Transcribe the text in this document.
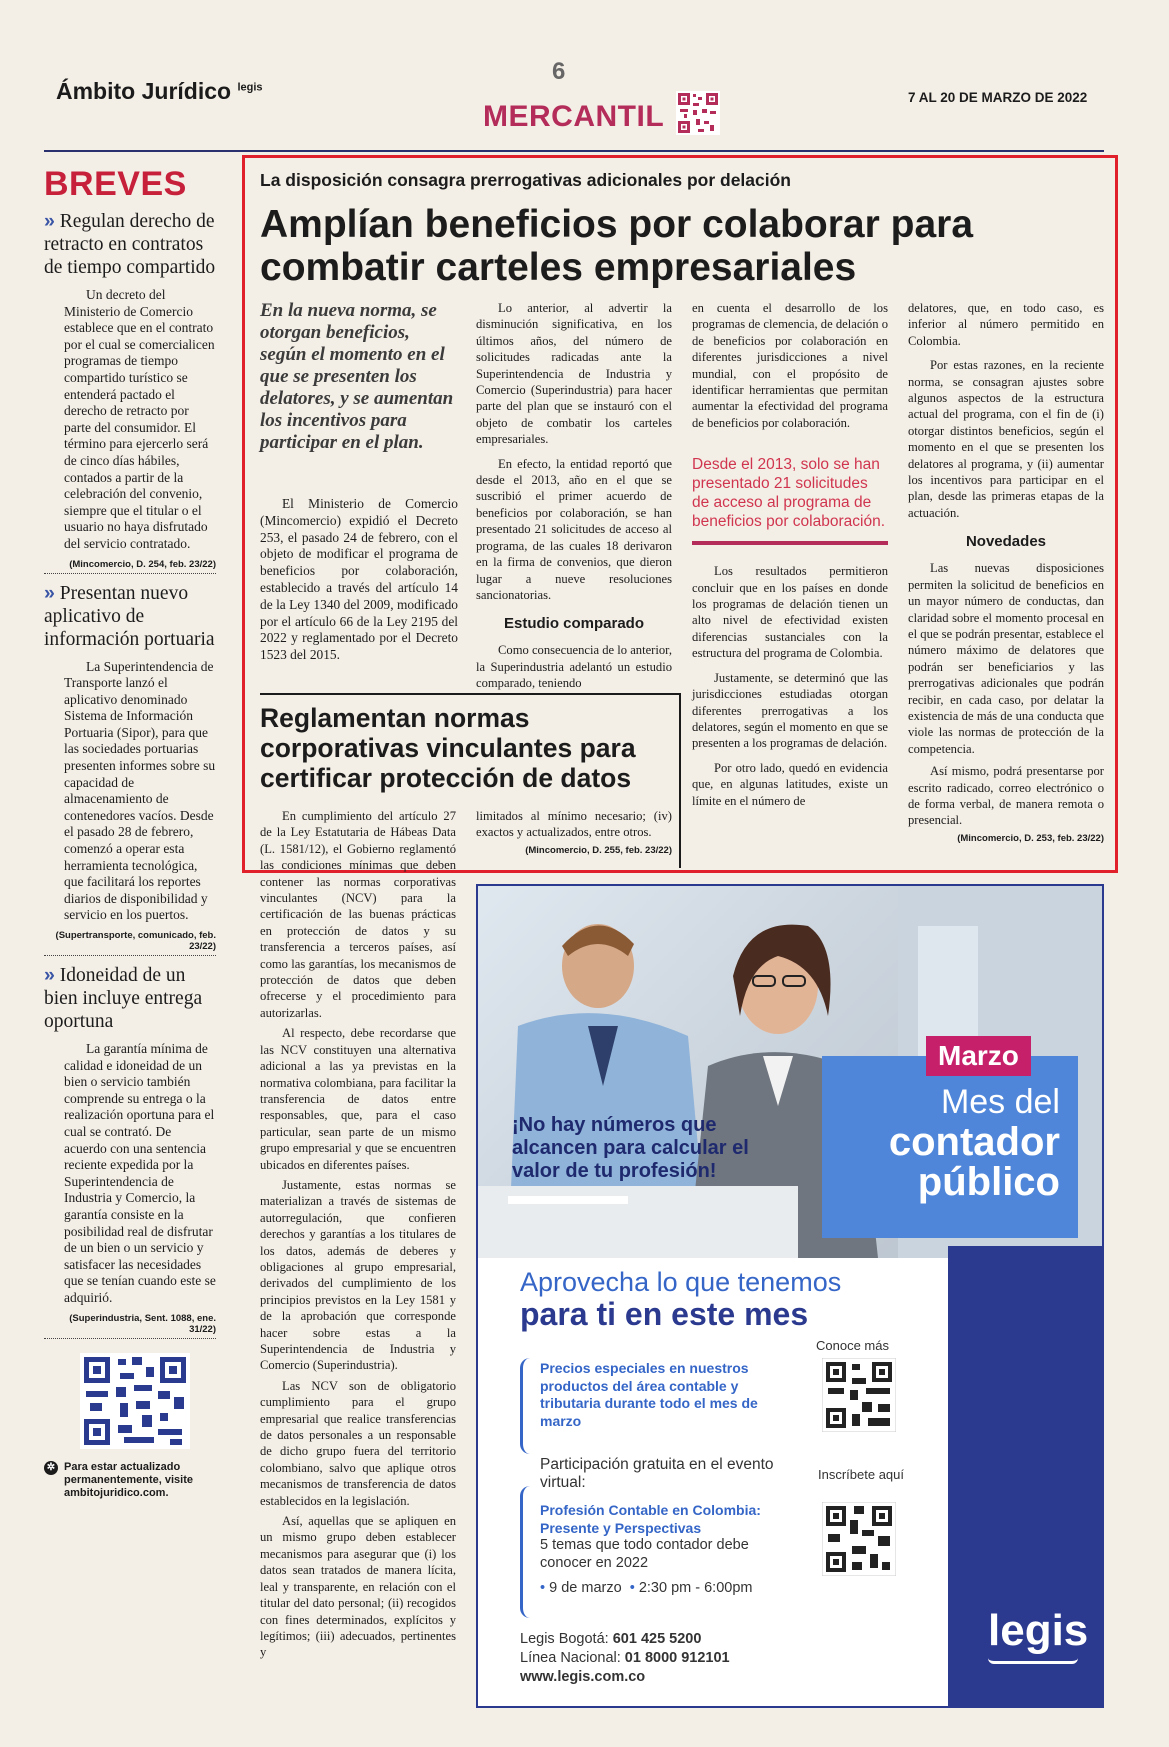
Ámbito Jurídico $^{legis}$
6
MERCANTIL
7 AL 20 DE MARZO DE 2022
BREVES
» Regulan derecho de retracto en contratos de tiempo compartido

Un decreto del Ministerio de Comercio establece que en el contrato por el cual se comercialicen programas de tiempo compartido turístico se entenderá pactado el derecho de retracto por parte del consumidor. El término para ejercerlo será de cinco días hábiles, contados a partir de la celebración del convenio, siempre que el titular o el usuario no haya disfrutado del servicio contratado.

(Mincomercio, D. 254, feb. 23/22)
» Presentan nuevo aplicativo de información portuaria

La Superintendencia de Transporte lanzó el aplicativo denominado Sistema de Información Portuaria (Sipor), para que las sociedades portuarias presenten informes sobre su capacidad de almacenamiento de contenedores vacíos. Desde el pasado 28 de febrero, comenzó a operar esta herramienta tecnológica, que facilitará los reportes diarios de disponibilidad y servicio en los puertos.

(Supertransporte, comunicado, feb. 23/22)
» Idoneidad de un bien incluye entrega oportuna

La garantía mínima de calidad e idoneidad de un bien o servicio también comprende su entrega o la realización oportuna para el cual se contrató. De acuerdo con una sentencia reciente expedida por la Superintendencia de Industria y Comercio, la garantía consiste en la posibilidad real de disfrutar de un bien o un servicio y satisfacer las necesidades que se tenían cuando este se adquirió.

(Superindustria, Sent. 1088, ene. 31/22)
✲ Para estar actualizado permanentemente, visite ambitojuridico.com.
La disposición consagra prerrogativas adicionales por delación
Amplían beneficios por colaborar para combatir carteles empresariales

En la nueva norma, se otorgan beneficios, según el momento en el que se presenten los delatores, y se aumentan los incentivos para participar en el plan.

El Ministerio de Comercio (Mincomercio) expidió el Decreto 253, el pasado 24 de febrero, con el objeto de modificar el programa de beneficios por colaboración, establecido a través del artículo 14 de la Ley 1340 del 2009, modificado por el artículo 66 de la Ley 2195 del 2022 y reglamentado por el Decreto 1523 del 2015.

Lo anterior, al advertir la disminución significativa, en los últimos años, del número de solicitudes radicadas ante la Superintendencia de Industria y Comercio (Superindustria) para hacer parte del plan que se instauró con el objeto de combatir los carteles empresariales.

En efecto, la entidad reportó que desde el 2013, año en el que se suscribió el primer acuerdo de beneficios por colaboración, se han presentado 21 solicitudes de acceso al programa, de las cuales 18 derivaron en la firma de convenios, que dieron lugar a nueve resoluciones sancionatorias.

Estudio comparado

Como consecuencia de lo anterior, la Superindustria adelantó un estudio comparado, teniendo

en cuenta el desarrollo de los programas de clemencia, de delación o de beneficios por colaboración en diferentes jurisdicciones a nivel mundial, con el propósito de identificar herramientas que permitan aumentar la efectividad del programa de beneficios por colaboración.

Desde el 2013, solo se han presentado 21 solicitudes de acceso al programa de beneficios por colaboración.

Los resultados permitieron concluir que en los países en donde los programas de delación tienen un alto nivel de efectividad existen diferencias sustanciales con la estructura del programa de Colombia.

Justamente, se determinó que las jurisdicciones estudiadas otorgan diferentes prerrogativas a los delatores, según el momento en que se presenten a los programas de delación.

Por otro lado, quedó en evidencia que, en algunas latitudes, existe un límite en el número de

delatores, que, en todo caso, es inferior al número permitido en Colombia.

Por estas razones, en la reciente norma, se consagran ajustes sobre algunos aspectos de la estructura actual del programa, con el fin de (i) otorgar distintos beneficios, según el momento en el que se presenten los delatores al programa, y (ii) aumentar los incentivos para participar en el plan, desde las primeras etapas de la actuación.

Novedades

Las nuevas disposiciones permiten la solicitud de beneficios en un mayor número de conductas, dan claridad sobre el momento procesal en el que se podrán presentar, establece el número máximo de delatores que podrán ser beneficiarios y las prerrogativas adicionales que podrán recibir, en cada caso, por delatar la existencia de más de una conducta que viole las normas de protección de la competencia.

Así mismo, podrá presentarse por escrito radicado, correo electrónico o de forma verbal, de manera remota o presencial.

(Mincomercio, D. 253, feb. 23/22)
Reglamentan normas corporativas vinculantes para certificar protección de datos

En cumplimiento del artículo 27 de la Ley Estatutaria de Hábeas Data (L. 1581/12), el Gobierno reglamentó las condiciones mínimas que deben contener las normas corporativas vinculantes (NCV) para la certificación de las buenas prácticas en protección de datos y su transferencia a terceros países, así como las garantías, los mecanismos de protección de datos que deben ofrecerse y el procedimiento para autorizarlas.

Al respecto, debe recordarse que las NCV constituyen una alternativa adicional a las ya previstas en la normativa colombiana, para facilitar la transferencia de datos entre responsables, que, para el caso particular, sean parte de un mismo grupo empresarial y que se encuentren ubicados en diferentes países.

Justamente, estas normas se materializan a través de sistemas de autorregulación, que confieren derechos y garantías a los titulares de los datos, además de deberes y obligaciones al grupo empresarial, derivados del cumplimiento de los principios previstos en la Ley 1581 y de la aprobación que corresponde hacer sobre estas a la Superintendencia de Industria y Comercio (Superindustria).

Las NCV son de obligatorio cumplimiento para el grupo empresarial que realice transferencias de datos personales a un responsable de dicho grupo fuera del territorio colombiano, salvo que aplique otros mecanismos de transferencia de datos establecidos en la legislación.

Así, aquellas que se apliquen en un mismo grupo deben establecer mecanismos para asegurar que (i) los datos sean tratados de manera lícita, leal y transparente, en relación con el titular del dato personal; (ii) recogidos con fines determinados, explícitos y legítimos; (iii) adecuados, pertinentes y

limitados al mínimo necesario; (iv) exactos y actualizados, entre otros.

(Mincomercio, D. 255, feb. 23/22)
¡No hay números que alcancen para calcular el valor de tu profesión!
Marzo
Mes del
contador
público
legis
Aprovecha lo que tenemos
para ti en este mes
Conoce más
Precios especiales en nuestros productos del área contable y tributaria durante todo el mes de marzo
Inscríbete aquí

Participación gratuita en el evento virtual:

Profesión Contable en Colombia: Presente y Perspectivas

5 temas que todo contador debe conocer en 2022

• 9 de marzo • 2:30 pm - 6:00pm

Legis Bogotá: 601 425 5200
Línea Nacional: 01 8000 912101
www.legis.com.co
